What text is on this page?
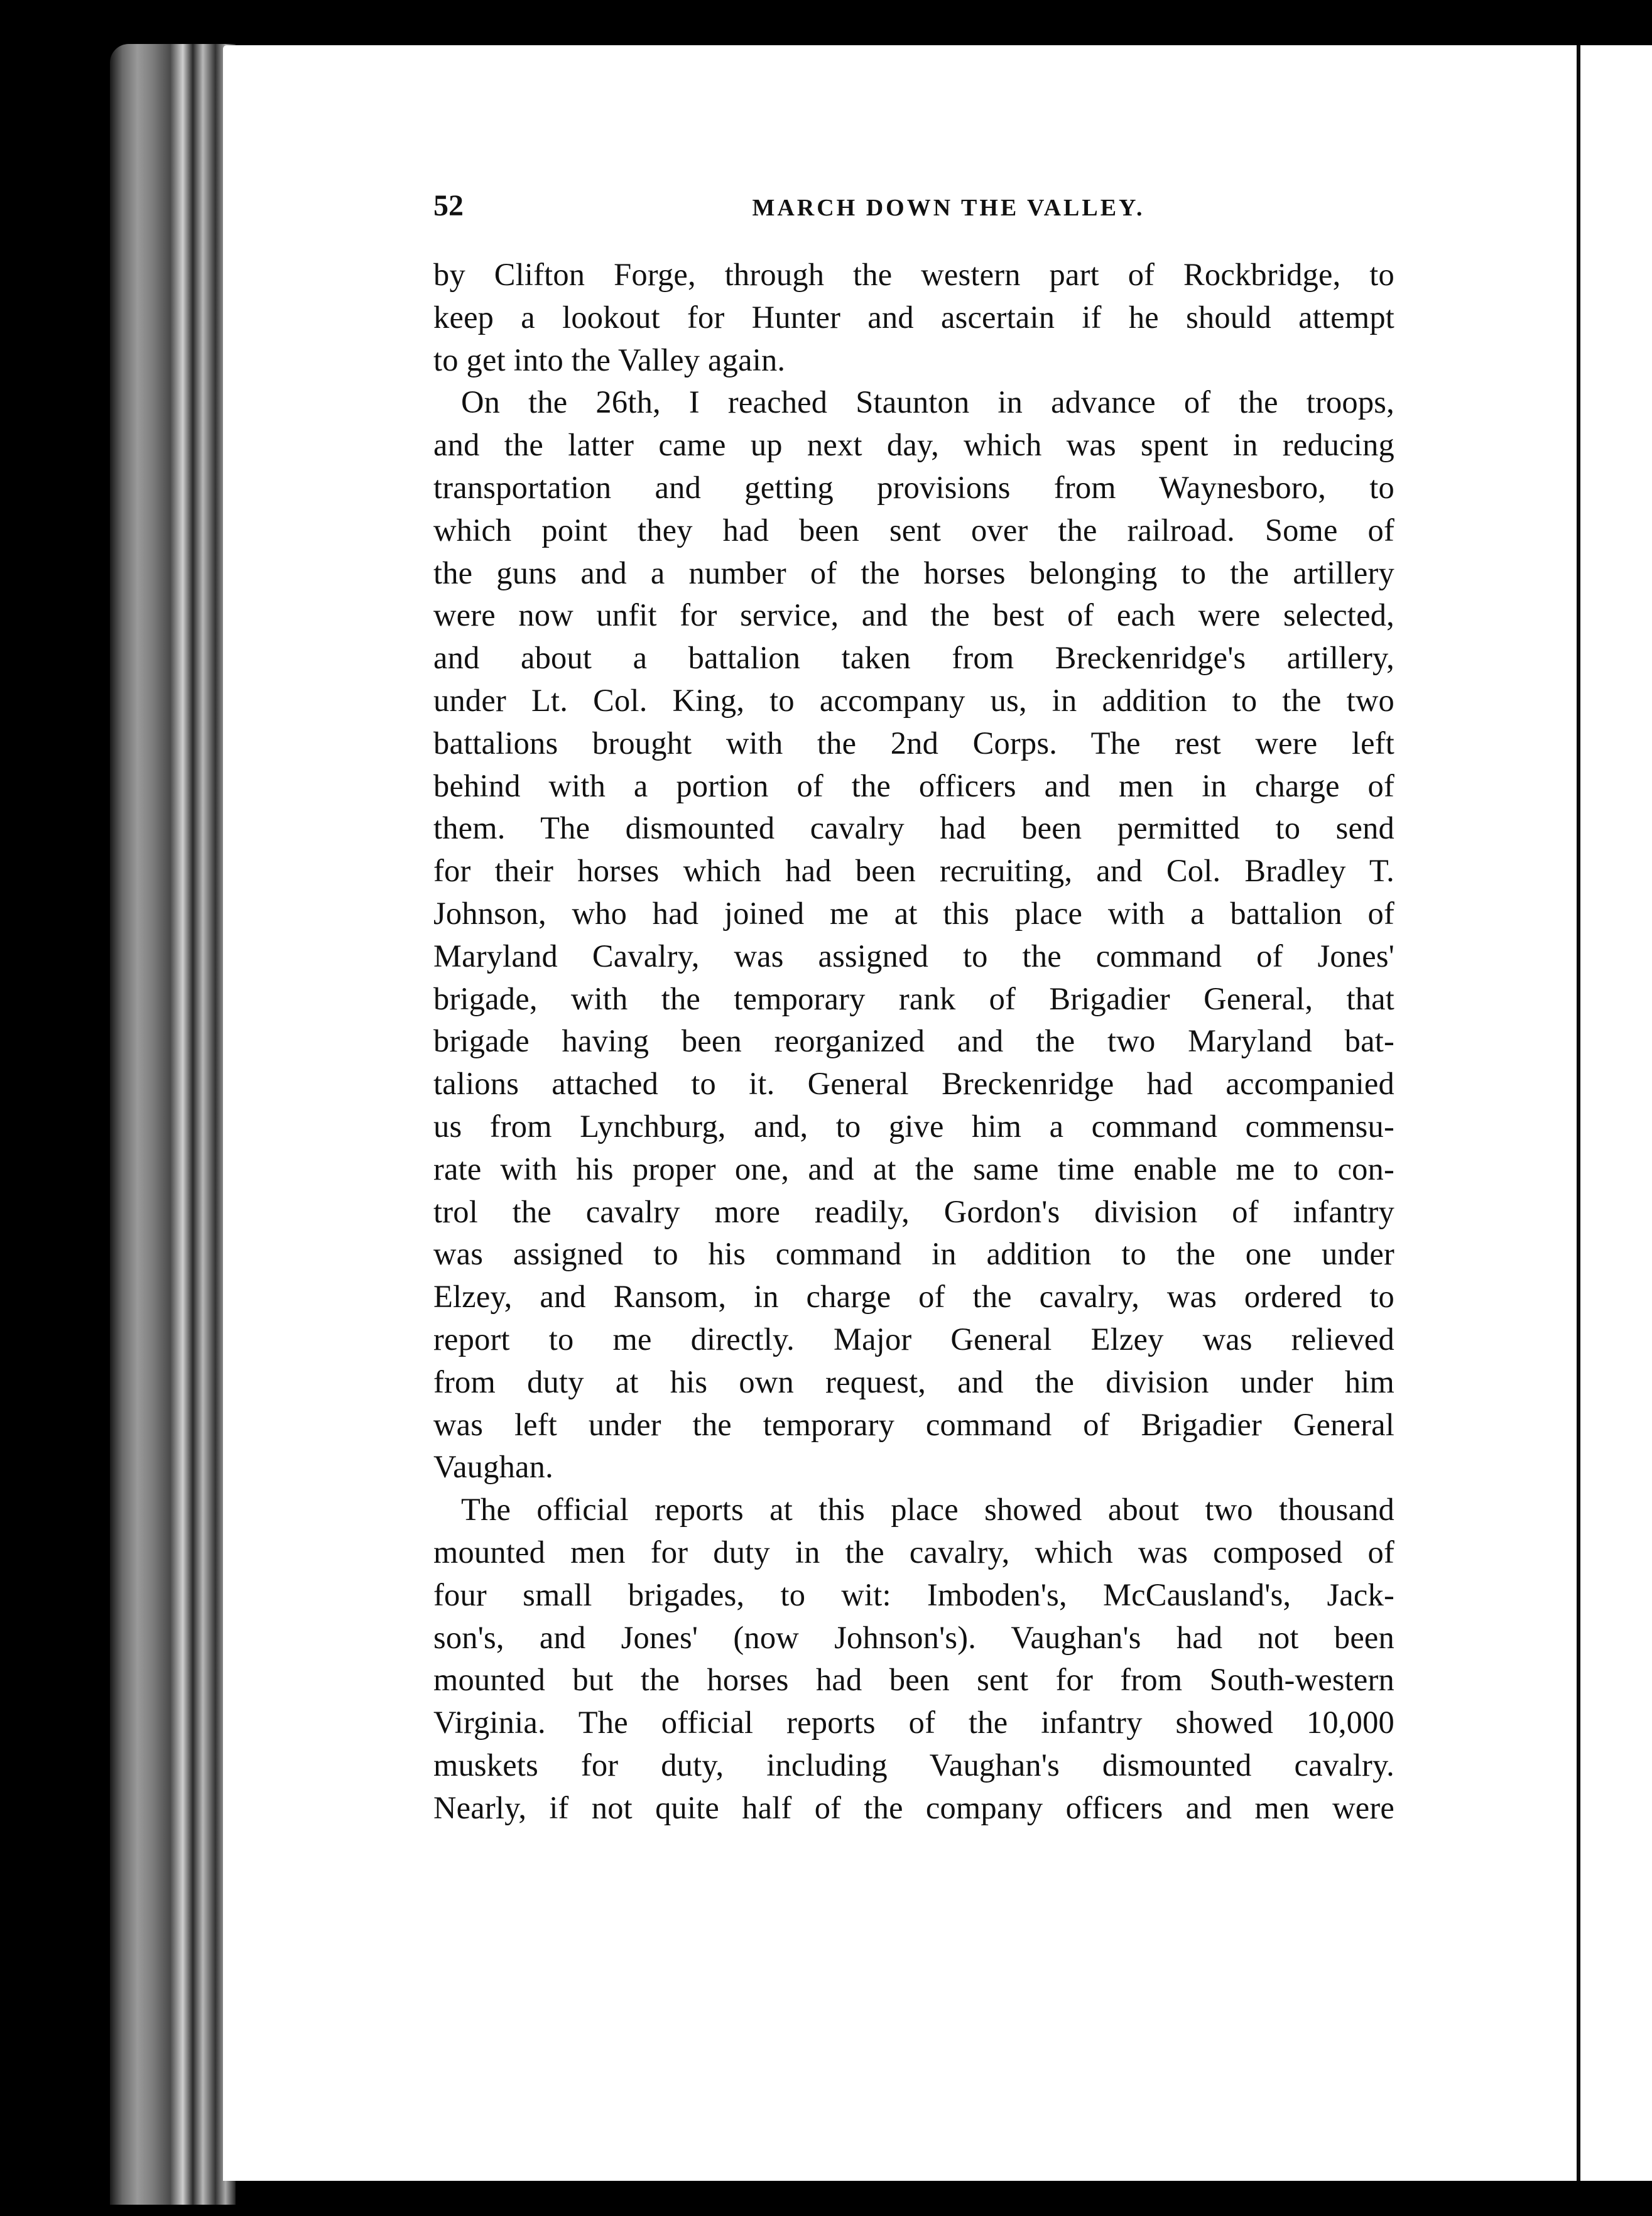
52	MARCH DOWN THE VALLEY.

by Clifton Forge, through the western part of Rockbridge, to
keep a lookout for Hunter and ascertain if he should attempt
to get into the Valley again.

On the 26th, I reached Staunton in advance of the troops,
and the latter came up next day, which was spent in reducing
transportation and getting provisions from Waynesboro, to
which point they had been sent over the railroad. Some of
the guns and a number of the horses belonging to the artillery
were now unfit for service, and the best of each were selected,
and about a battalion taken from Breckenridge's artillery,
under Lt. Col. King, to accompany us, in addition to the two
battalions brought with the 2nd Corps. The rest were left
behind with a portion of the officers and men in charge of
them. The dismounted cavalry had been permitted to send
for their horses which had been recruiting, and Col. Bradley T.
Johnson, who had joined me at this place with a battalion of
Maryland Cavalry, was assigned to the command of Jones'
brigade, with the temporary rank of Brigadier General, that
brigade having been reorganized and the two Maryland bat-
talions attached to it. General Breckenridge had accompanied
us from Lynchburg, and, to give him a command commensu-
rate with his proper one, and at the same time enable me to con-
trol the cavalry more readily, Gordon's division of infantry
was assigned to his command in addition to the one under
Elzey, and Ransom, in charge of the cavalry, was ordered to
report to me directly. Major General Elzey was relieved
from duty at his own request, and the division under him
was left under the temporary command of Brigadier General
Vaughan.

The official reports at this place showed about two thousand
mounted men for duty in the cavalry, which was composed of
four small brigades, to wit: Imboden's, McCausland's, Jack-
son's, and Jones' (now Johnson's). Vaughan's had not been
mounted but the horses had been sent for from South-western
Virginia. The official reports of the infantry showed 10,000
muskets for duty, including Vaughan's dismounted cavalry.
Nearly, if not quite half of the company officers and men were
